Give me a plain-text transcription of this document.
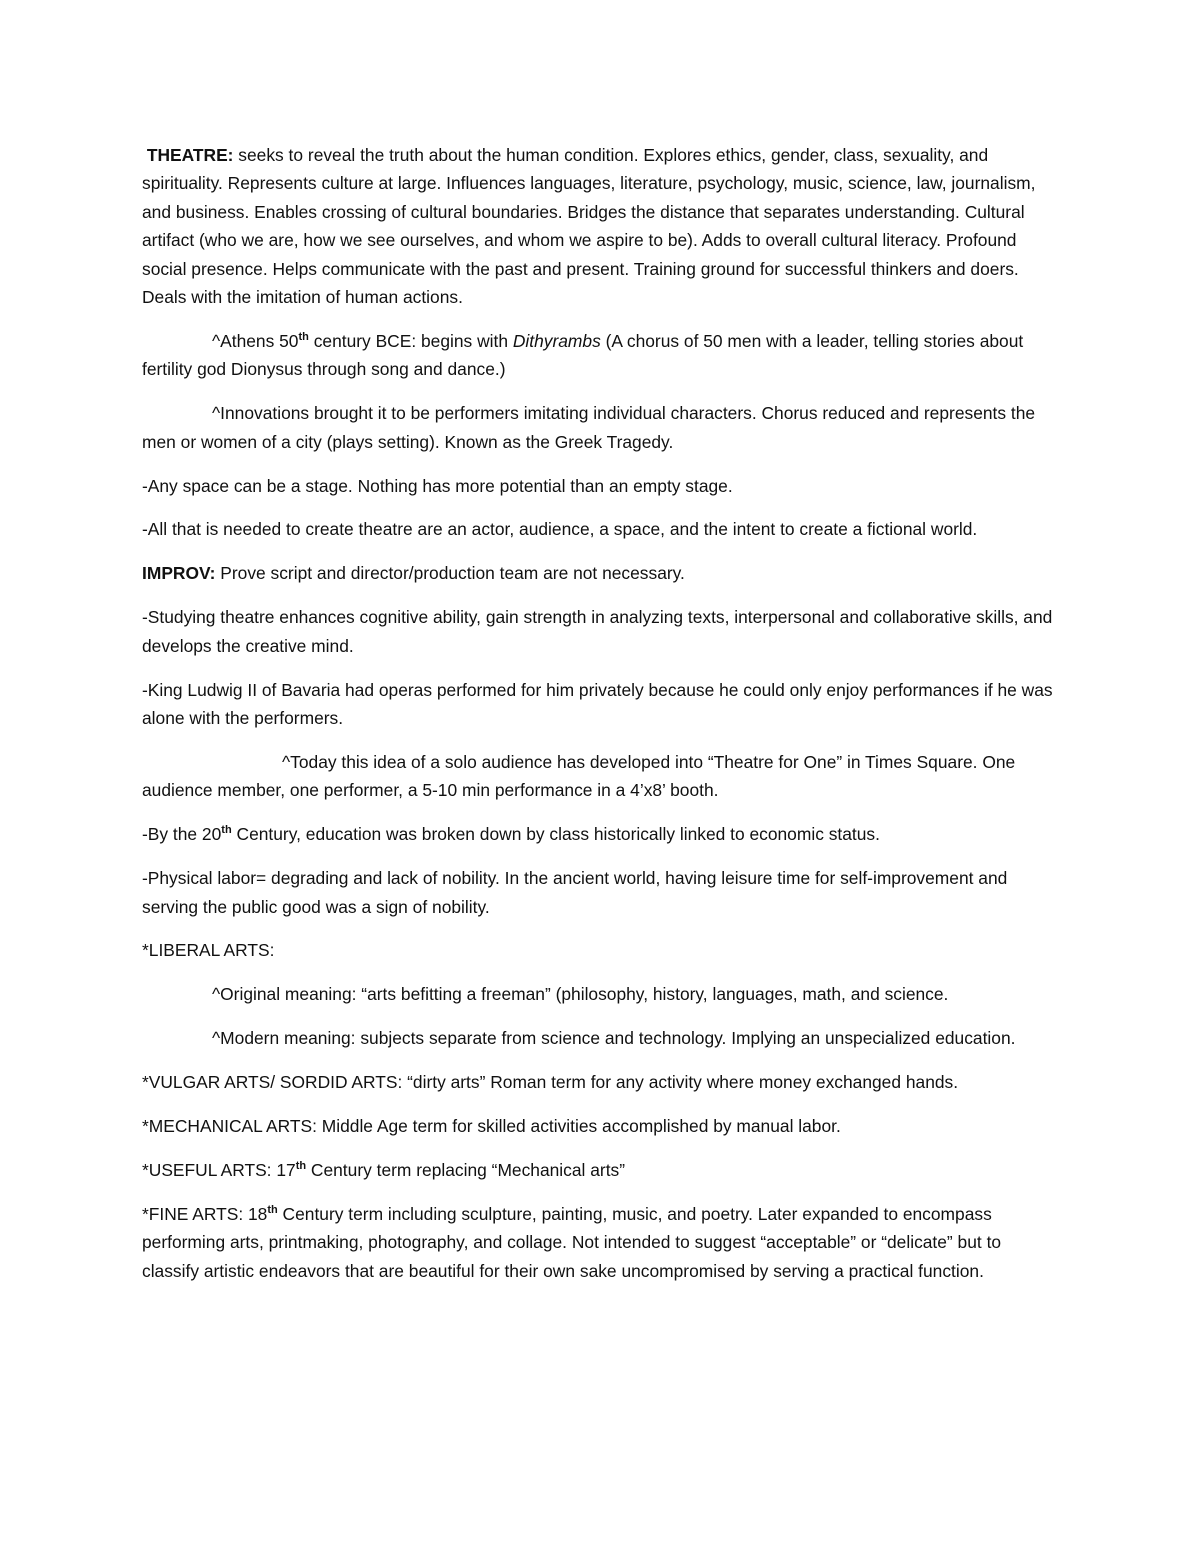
THEATRE: seeks to reveal the truth about the human condition. Explores ethics, gender, class, sexuality, and spirituality. Represents culture at large. Influences languages, literature, psychology, music, science, law, journalism, and business. Enables crossing of cultural boundaries. Bridges the distance that separates understanding. Cultural artifact (who we are, how we see ourselves, and whom we aspire to be). Adds to overall cultural literacy. Profound social presence. Helps communicate with the past and present. Training ground for successful thinkers and doers. Deals with the imitation of human actions.

^Athens 50th century BCE: begins with Dithyrambs (A chorus of 50 men with a leader, telling stories about fertility god Dionysus through song and dance.)

^Innovations brought it to be performers imitating individual characters. Chorus reduced and represents the men or women of a city (plays setting). Known as the Greek Tragedy.

-Any space can be a stage. Nothing has more potential than an empty stage.

-All that is needed to create theatre are an actor, audience, a space, and the intent to create a fictional world.

IMPROV: Prove script and director/production team are not necessary.

-Studying theatre enhances cognitive ability, gain strength in analyzing texts, interpersonal and collaborative skills, and develops the creative mind.

-King Ludwig II of Bavaria had operas performed for him privately because he could only enjoy performances if he was alone with the performers.

^Today this idea of a solo audience has developed into “Theatre for One” in Times Square. One audience member, one performer, a 5-10 min performance in a 4’x8’ booth.

-By the 20th Century, education was broken down by class historically linked to economic status.

-Physical labor= degrading and lack of nobility. In the ancient world, having leisure time for self-improvement and serving the public good was a sign of nobility.

*LIBERAL ARTS:

^Original meaning: “arts befitting a freeman” (philosophy, history, languages, math, and science.

^Modern meaning: subjects separate from science and technology. Implying an unspecialized education.

*VULGAR ARTS/ SORDID ARTS: “dirty arts” Roman term for any activity where money exchanged hands.

*MECHANICAL ARTS: Middle Age term for skilled activities accomplished by manual labor.

*USEFUL ARTS: 17th Century term replacing “Mechanical arts”

*FINE ARTS: 18th Century term including sculpture, painting, music, and poetry. Later expanded to encompass performing arts, printmaking, photography, and collage. Not intended to suggest “acceptable” or “delicate” but to classify artistic endeavors that are beautiful for their own sake uncompromised by serving a practical function.
